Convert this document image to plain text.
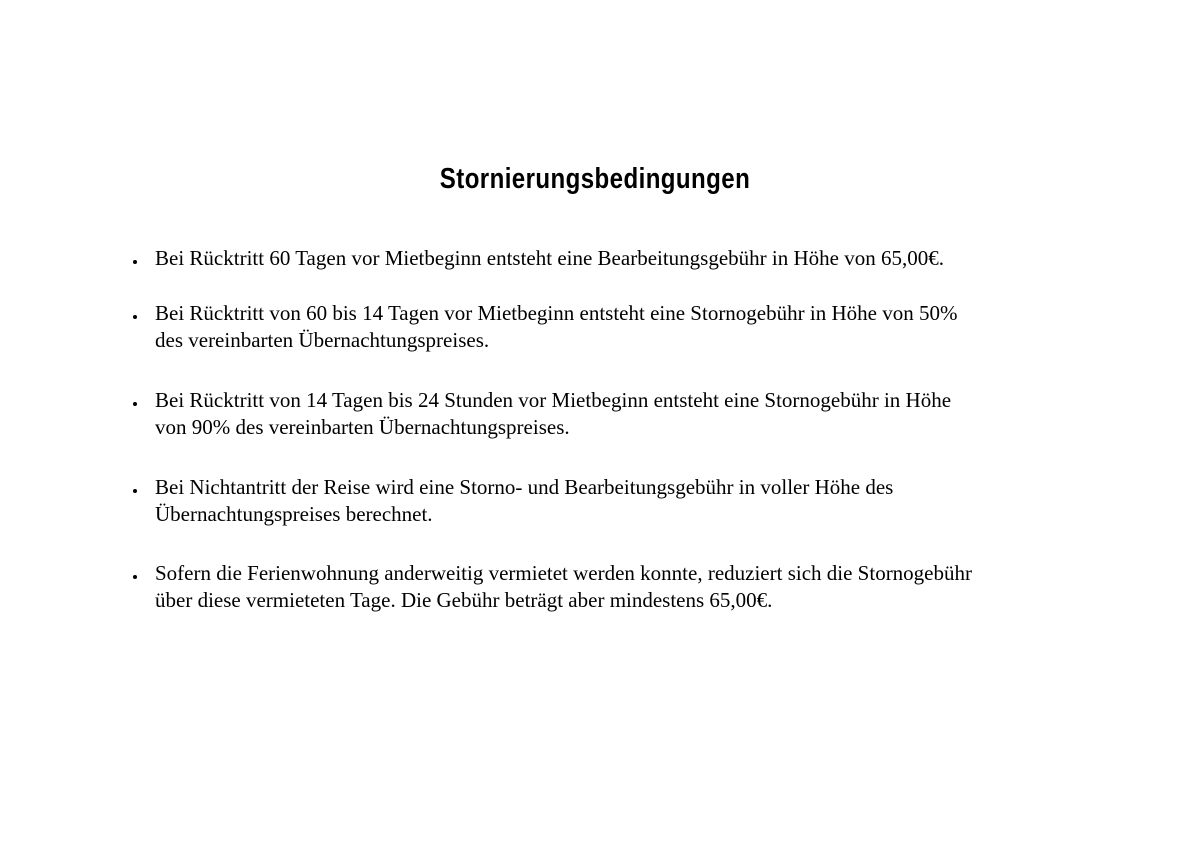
Stornierungsbedingungen
Bei Rücktritt 60 Tagen vor Mietbeginn entsteht eine Bearbeitungsgebühr in Höhe von 65,00€.
Bei Rücktritt von 60 bis 14 Tagen vor Mietbeginn entsteht eine Stornogebühr in Höhe von 50%
des vereinbarten Übernachtungspreises.
Bei Rücktritt von 14 Tagen bis 24 Stunden vor Mietbeginn entsteht eine Stornogebühr in Höhe
von 90% des vereinbarten Übernachtungspreises.
Bei Nichtantritt der Reise wird eine Storno- und Bearbeitungsgebühr in voller Höhe des
Übernachtungspreises berechnet.
Sofern die Ferienwohnung anderweitig vermietet werden konnte, reduziert sich die Stornogebühr
über diese vermieteten Tage. Die Gebühr beträgt aber mindestens 65,00€.
